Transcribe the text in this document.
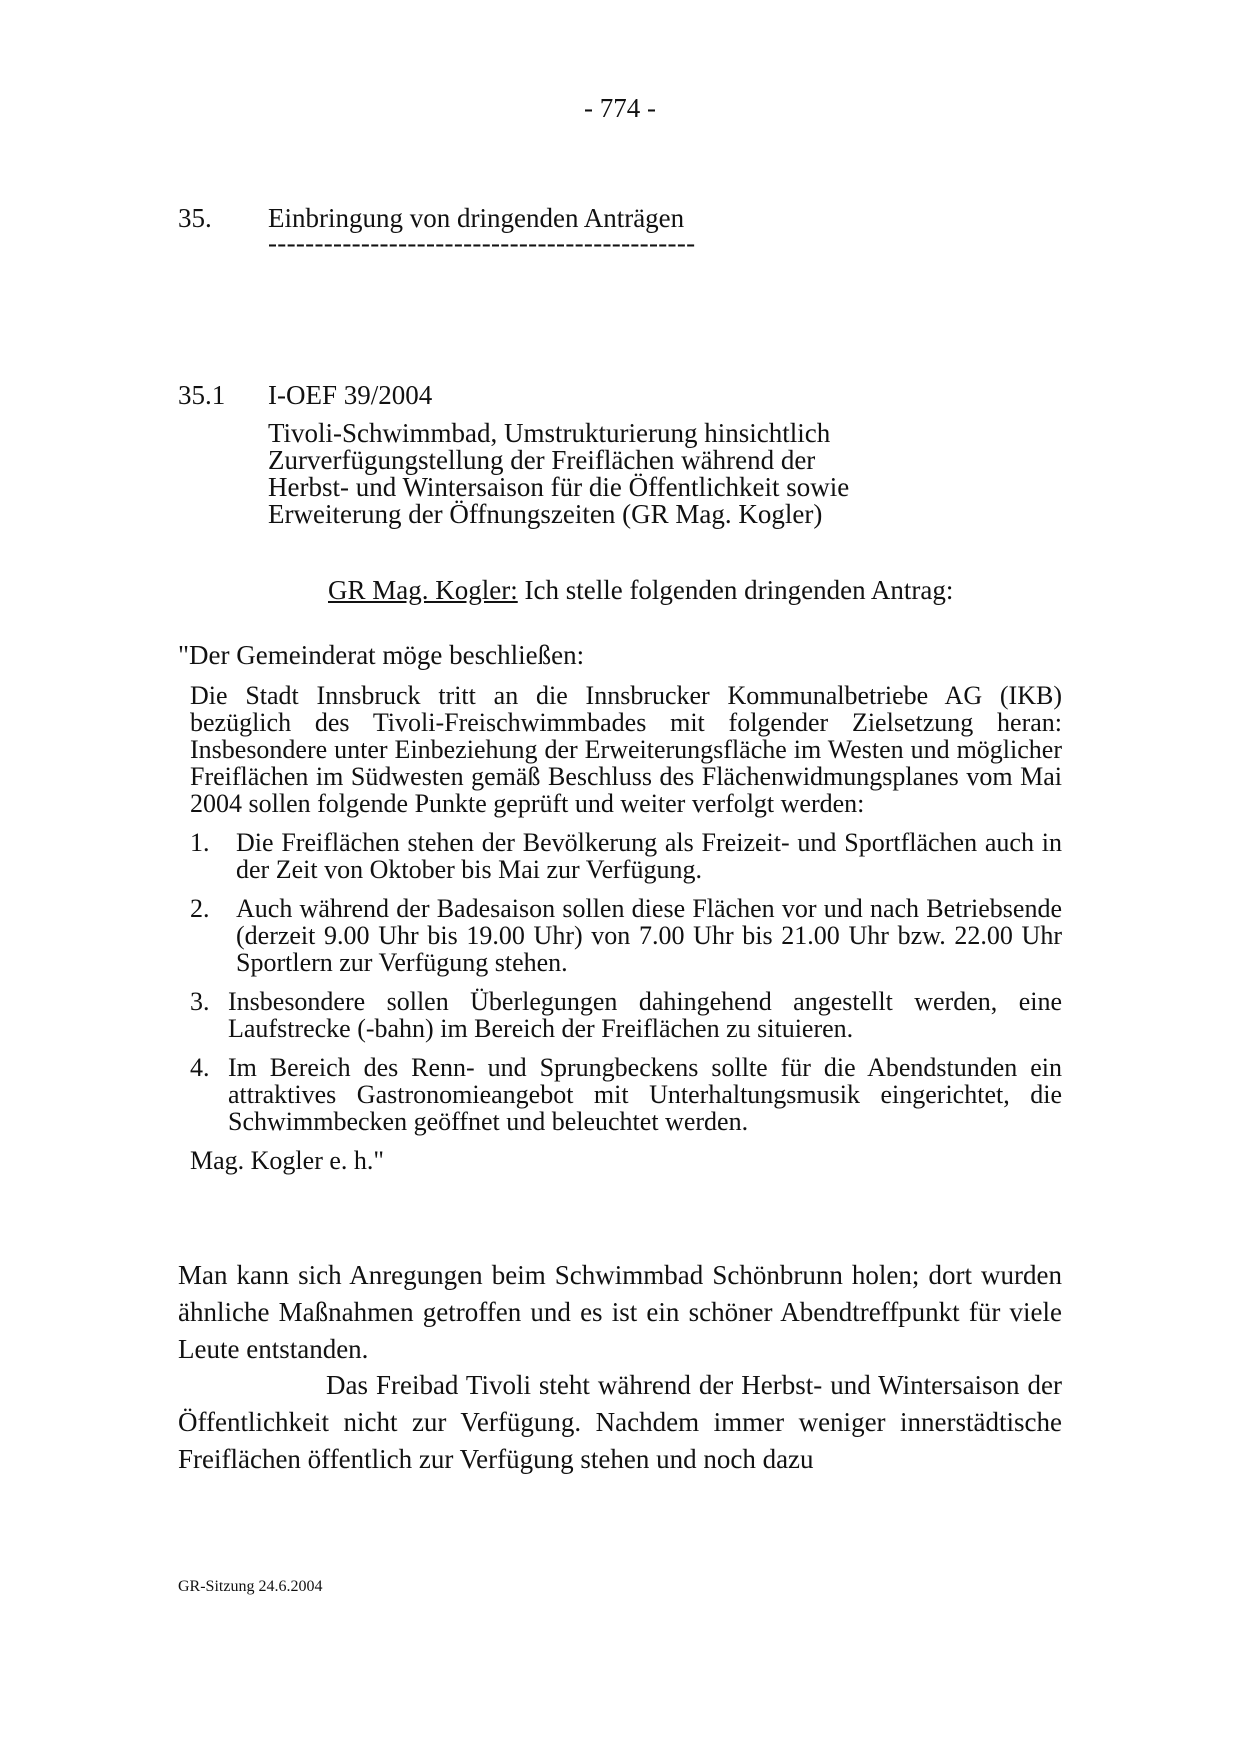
- 774 -
35. Einbringung von dringenden Anträgen
----------------------------------------------
35.1 I-OEF 39/2004
Tivoli-Schwimmbad, Umstrukturierung hinsichtlich
Zurverfügungstellung der Freiflächen während der
Herbst- und Wintersaison für die Öffentlichkeit sowie
Erweiterung der Öffnungszeiten (GR Mag. Kogler)
GR Mag. Kogler: Ich stelle folgenden dringenden Antrag:
"Der Gemeinderat möge beschließen:
Die Stadt Innsbruck tritt an die Innsbrucker Kommunalbetriebe AG (IKB) bezüglich des Tivoli-Freischwimmbades mit folgender Zielsetzung heran: Insbesondere unter Einbeziehung der Erweiterungsfläche im Westen und möglicher Freiflächen im Südwesten gemäß Beschluss des Flächenwidmungsplanes vom Mai 2004 sollen folgende Punkte geprüft und weiter verfolgt werden:
1. Die Freiflächen stehen der Bevölkerung als Freizeit- und Sportflächen auch in der Zeit von Oktober bis Mai zur Verfügung.
2. Auch während der Badesaison sollen diese Flächen vor und nach Betriebsende (derzeit 9.00 Uhr bis 19.00 Uhr) von 7.00 Uhr bis 21.00 Uhr bzw. 22.00 Uhr Sportlern zur Verfügung stehen.
3. Insbesondere sollen Überlegungen dahingehend angestellt werden, eine Laufstrecke (-bahn) im Bereich der Freiflächen zu situieren.
4. Im Bereich des Renn- und Sprungbeckens sollte für die Abendstunden ein attraktives Gastronomieangebot mit Unterhaltungsmusik eingerichtet, die Schwimmbecken geöffnet und beleuchtet werden.
Mag. Kogler e. h."
Man kann sich Anregungen beim Schwimmbad Schönbrunn holen; dort wurden ähnliche Maßnahmen getroffen und es ist ein schöner Abendtreffpunkt für viele Leute entstanden.
Das Freibad Tivoli steht während der Herbst- und Wintersaison der Öffentlichkeit nicht zur Verfügung. Nachdem immer weniger innerstädtische Freiflächen öffentlich zur Verfügung stehen und noch dazu
GR-Sitzung 24.6.2004
